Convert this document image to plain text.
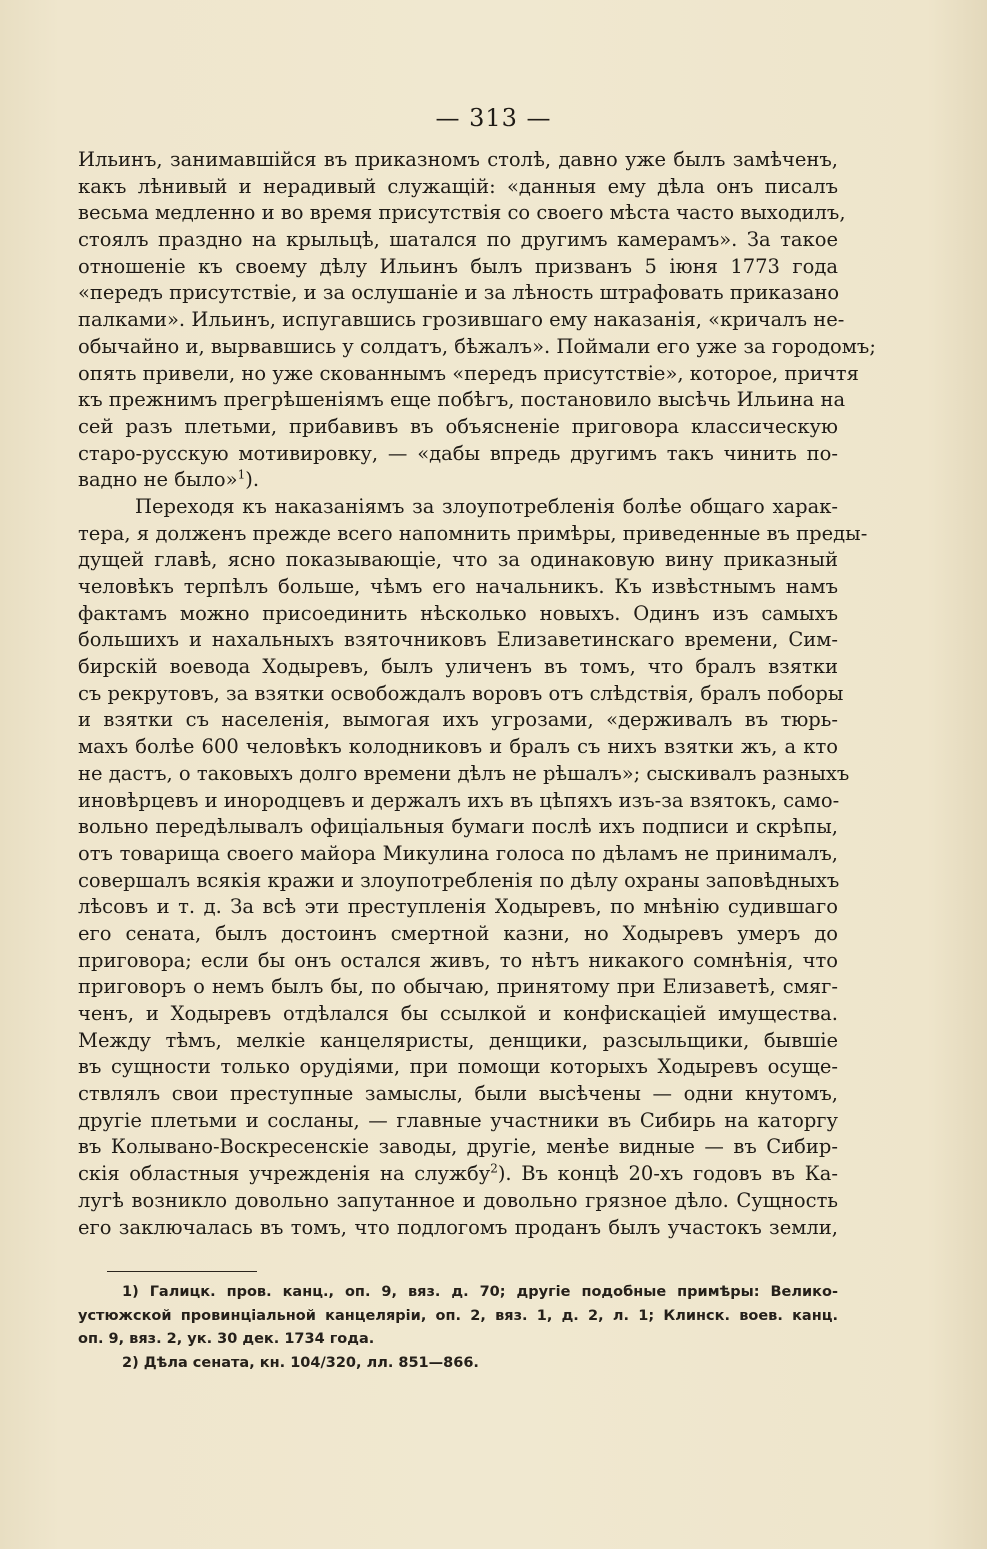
— 313 —
Ильинъ, занимавшійся въ приказномъ столѣ, давно уже былъ замѣченъ,
какъ лѣнивый и нерадивый служащій: «данныя ему дѣла онъ писалъ
весьма медленно и во время присутствія со своего мѣста часто выходилъ,
стоялъ праздно на крыльцѣ, шатался по другимъ камерамъ». За такое
отношеніе къ своему дѣлу Ильинъ былъ призванъ 5 іюня 1773 года
«передъ присутствіе, и за ослушаніе и за лѣность штрафовать приказано
палками». Ильинъ, испугавшись грозившаго ему наказанія, «кричалъ не-
обычайно и, вырвавшись у солдатъ, бѣжалъ». Поймали его уже за городомъ;
опять привели, но уже скованнымъ «передъ присутствіе», которое, причтя
къ прежнимъ прегрѣшеніямъ еще побѣгъ, постановило высѣчь Ильина на
сей разъ плетьми, прибавивъ въ объясненіе приговора классическую
старо-русскую мотивировку, — «дабы впредь другимъ такъ чинить по-
вадно не было»$^1$).
Переходя къ наказаніямъ за злоупотребленія болѣе общаго харак-
тера, я долженъ прежде всего напомнить примѣры, приведенные въ преды-
дущей главѣ, ясно показывающіе, что за одинаковую вину приказный
человѣкъ терпѣлъ больше, чѣмъ его начальникъ. Къ извѣстнымъ намъ
фактамъ можно присоединить нѣсколько новыхъ. Одинъ изъ самыхъ
большихъ и нахальныхъ взяточниковъ Елизаветинскаго времени, Сим-
бирскій воевода Ходыревъ, былъ уличенъ въ томъ, что бралъ взятки
съ рекрутовъ, за взятки освобождалъ воровъ отъ слѣдствія, бралъ поборы
и взятки съ населенія, вымогая ихъ угрозами, «держивалъ въ тюрь-
махъ болѣе 600 человѣкъ колодниковъ и бралъ съ нихъ взятки жъ, а кто
не дастъ, о таковыхъ долго времени дѣлъ не рѣшалъ»; сыскивалъ разныхъ
иновѣрцевъ и инородцевъ и держалъ ихъ въ цѣпяхъ изъ-за взятокъ, само-
вольно передѣлывалъ офиціальныя бумаги послѣ ихъ подписи и скрѣпы,
отъ товарища своего майора Микулина голоса по дѣламъ не принималъ,
совершалъ всякія кражи и злоупотребленія по дѣлу охраны заповѣдныхъ
лѣсовъ и т. д. За всѣ эти преступленія Ходыревъ, по мнѣнію судившаго
его сената, былъ достоинъ смертной казни, но Ходыревъ умеръ до
приговора; если бы онъ остался живъ, то нѣтъ никакого сомнѣнія, что
приговоръ о немъ былъ бы, по обычаю, принятому при Елизаветѣ, смяг-
ченъ, и Ходыревъ отдѣлался бы ссылкой и конфискаціей имущества.
Между тѣмъ, мелкіе канцеляристы, денщики, разсыльщики, бывшіе
въ сущности только орудіями, при помощи которыхъ Ходыревъ осуще-
ствлялъ свои преступные замыслы, были высѣчены — одни кнутомъ,
другіе плетьми и сосланы, — главные участники въ Сибирь на каторгу
въ Колывано-Воскресенскіе заводы, другіе, менѣе видные — въ Сибир-
скія областныя учрежденія на службу$^2$). Въ концѣ 20-хъ годовъ въ Ка-
лугѣ возникло довольно запутанное и довольно грязное дѣло. Сущность
его заключалась въ томъ, что подлогомъ проданъ былъ участокъ земли,
1) Галицк. пров. канц., оп. 9, вяз. д. 70; другіе подобные примѣры: Велико-
устюжской провинціальной канцеляріи, оп. 2, вяз. 1, д. 2, л. 1; Клинск. воев. канц.
оп. 9, вяз. 2, ук. 30 дек. 1734 года.
2) Дѣла сената, кн. 104/320, лл. 851—866.
